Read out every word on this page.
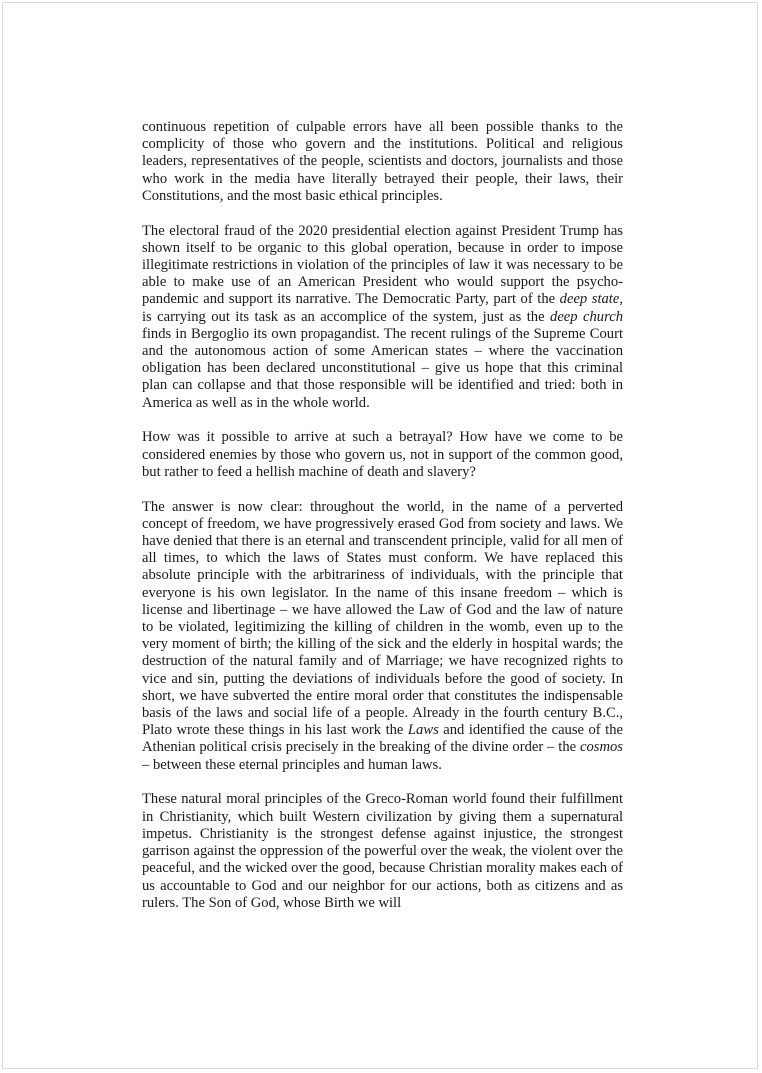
continuous repetition of culpable errors have all been possible thanks to the complicity of those who govern and the institutions. Political and religious leaders, representatives of the people, scientists and doctors, journalists and those who work in the media have literally betrayed their people, their laws, their Constitutions, and the most basic ethical principles.

The electoral fraud of the 2020 presidential election against President Trump has shown itself to be organic to this global operation, because in order to impose illegitimate restrictions in violation of the principles of law it was necessary to be able to make use of an American President who would support the psycho-pandemic and support its narrative. The Democratic Party, part of the deep state, is carrying out its task as an accomplice of the system, just as the deep church finds in Bergoglio its own propagandist. The recent rulings of the Supreme Court and the autonomous action of some American states – where the vaccination obligation has been declared unconstitutional – give us hope that this criminal plan can collapse and that those responsible will be identified and tried: both in America as well as in the whole world.

How was it possible to arrive at such a betrayal? How have we come to be considered enemies by those who govern us, not in support of the common good, but rather to feed a hellish machine of death and slavery?

The answer is now clear: throughout the world, in the name of a perverted concept of freedom, we have progressively erased God from society and laws. We have denied that there is an eternal and transcendent principle, valid for all men of all times, to which the laws of States must conform. We have replaced this absolute principle with the arbitrariness of individuals, with the principle that everyone is his own legislator. In the name of this insane freedom – which is license and libertinage – we have allowed the Law of God and the law of nature to be violated, legitimizing the killing of children in the womb, even up to the very moment of birth; the killing of the sick and the elderly in hospital wards; the destruction of the natural family and of Marriage; we have recognized rights to vice and sin, putting the deviations of individuals before the good of society. In short, we have subverted the entire moral order that constitutes the indispensable basis of the laws and social life of a people. Already in the fourth century B.C., Plato wrote these things in his last work the Laws and identified the cause of the Athenian political crisis precisely in the breaking of the divine order – the cosmos – between these eternal principles and human laws.

These natural moral principles of the Greco-Roman world found their fulfillment in Christianity, which built Western civilization by giving them a supernatural impetus. Christianity is the strongest defense against injustice, the strongest garrison against the oppression of the powerful over the weak, the violent over the peaceful, and the wicked over the good, because Christian morality makes each of us accountable to God and our neighbor for our actions, both as citizens and as rulers. The Son of God, whose Birth we will
